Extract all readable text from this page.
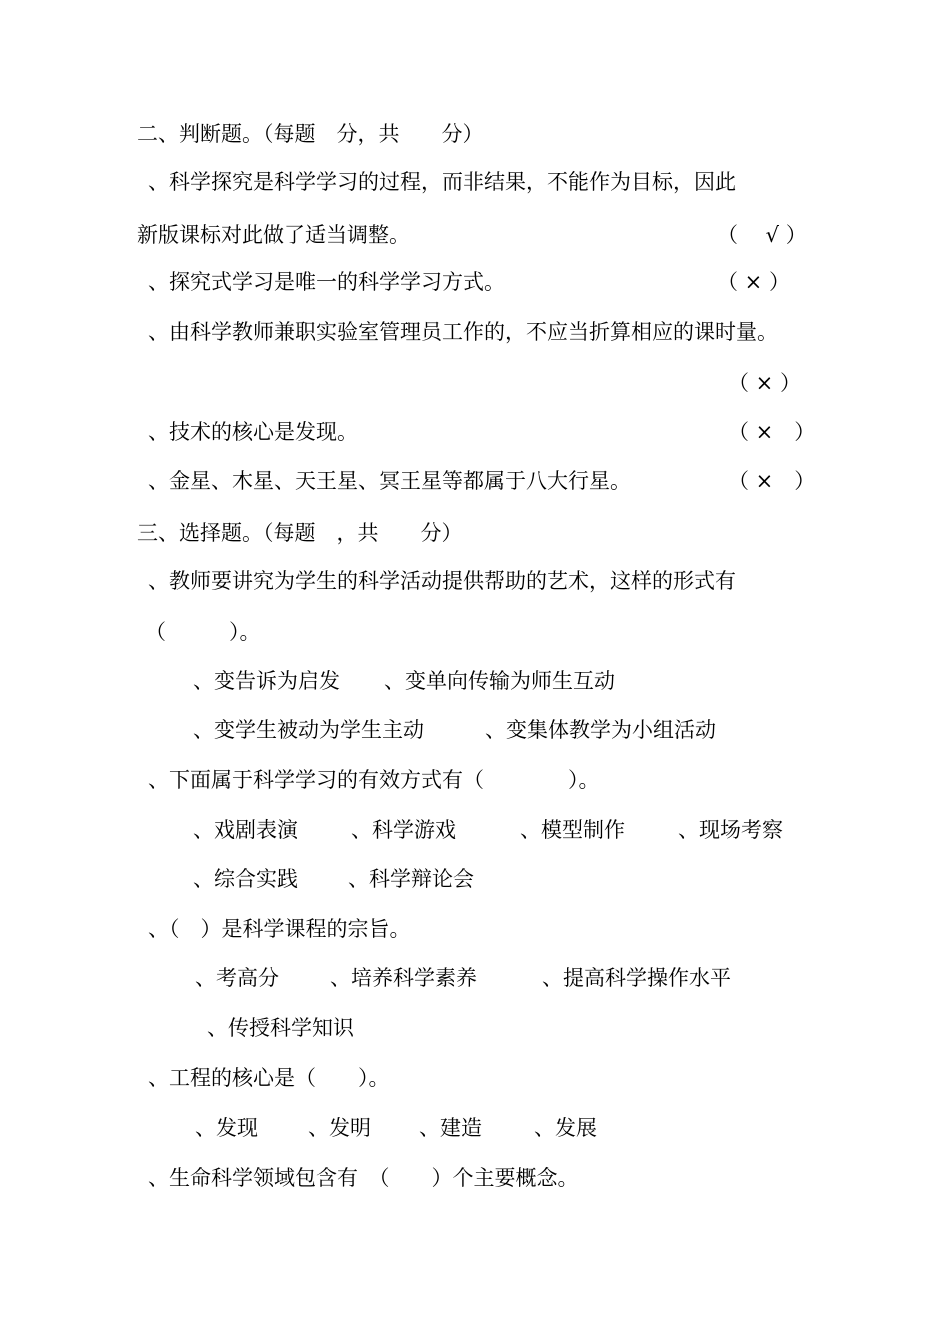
二、判断题。（每题　分，共　　分）
、科学探究是科学学习的过程，而非结果，不能作为目标，因此
新版课标对此做了适当调整。	（　 √ ）
、探究式学习是唯一的科学学习方式。	（ × ）
、由科学教师兼职实验室管理员工作的，不应当折算相应的课时量。
（ × ）
、技术的核心是发现。	（ ×　）
、金星、木星、天王星、冥王星等都属于八大行星。	（ ×　）
三、选择题。（每题　，共　　分）
、教师要讲究为学生的科学活动提供帮助的艺术，这样的形式有
（　　　）。
、变告诉为启发 、变单向传输为师生互动
、变学生被动为学生主动	、变集体教学为小组活动
、下面属于科学学习的有效方式有（　　　　）。
、戏剧表演	、科学游戏	、模型制作	、现场考察
、综合实践 、科学辩论会
、（　）是科学课程的宗旨。
、考高分 、培养科学素养	、提高科学操作水平
、传授科学知识
、工程的核心是（　　）。
、发现 、发明 、建造 、发展
、生命科学领域包含有　（　　）个主要概念。
